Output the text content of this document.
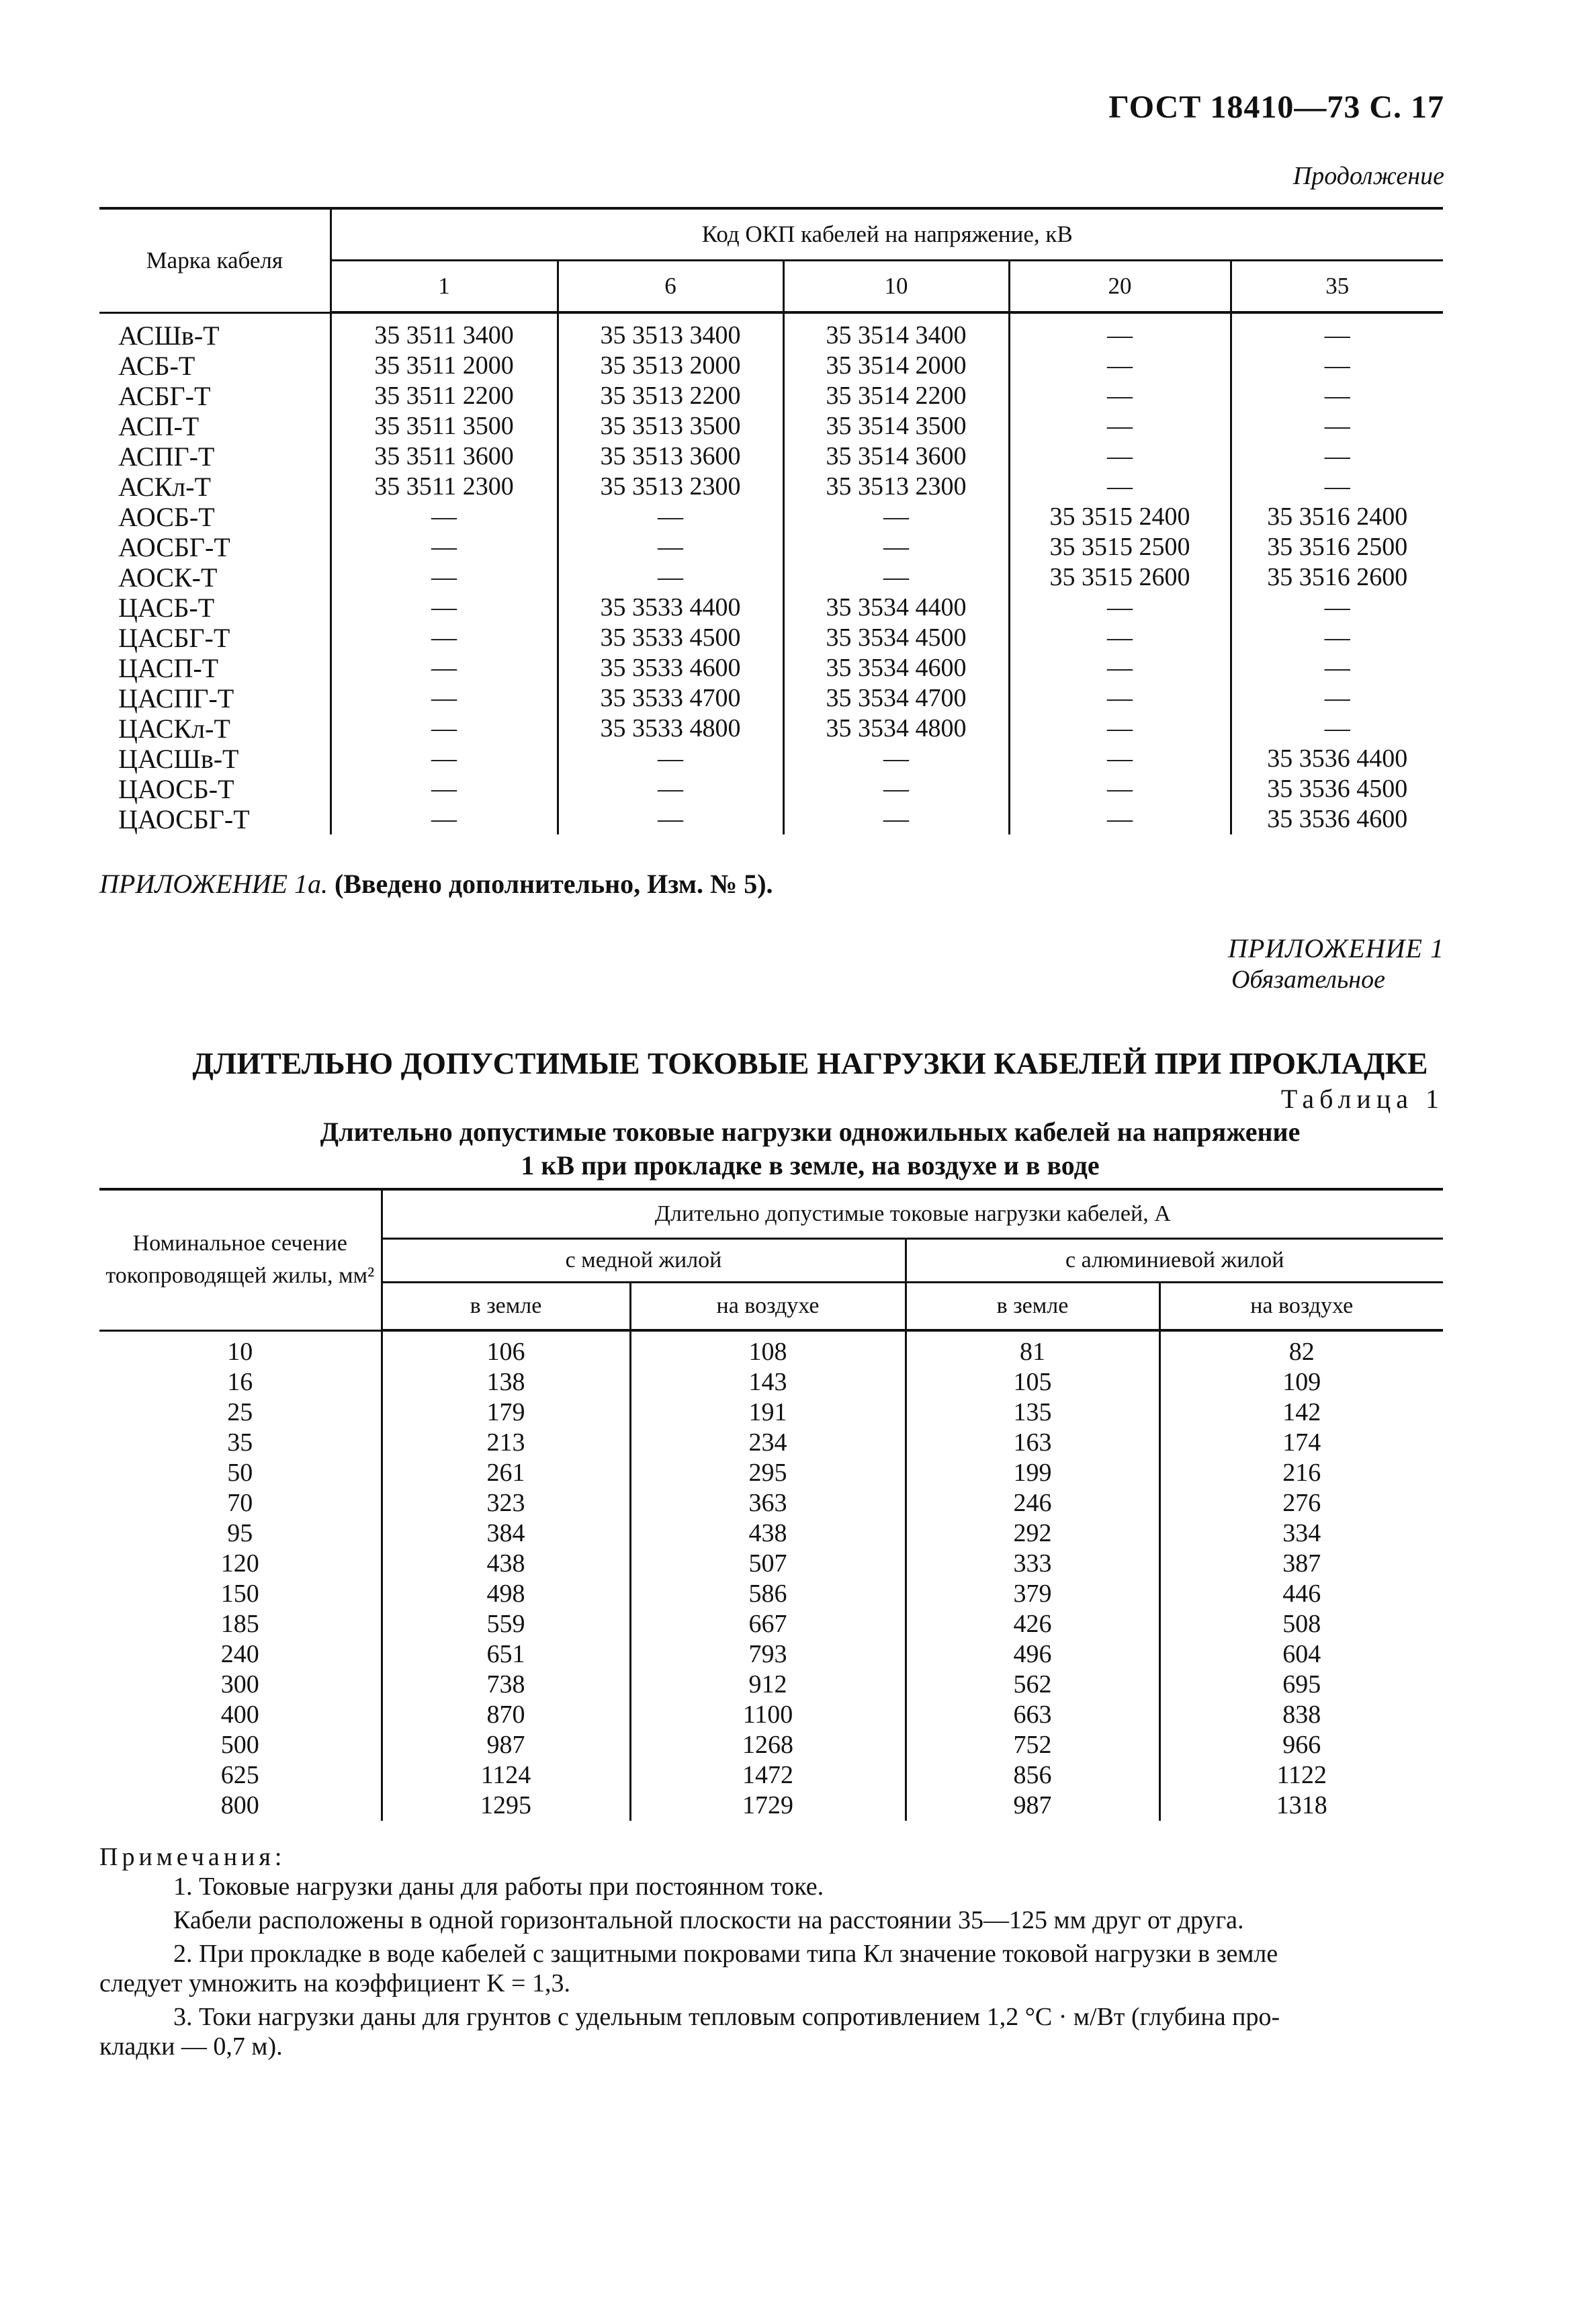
ГОСТ 18410—73 С. 17
Продолжение
Марка кабеля	Код ОКП кабелей на напряжение, кВ				
	1	6	10	20	35
АСШв-Т	35 3511 3400	35 3513 3400	35 3514 3400	—	—
АСБ-Т	35 3511 2000	35 3513 2000	35 3514 2000	—	—
АСБГ-Т	35 3511 2200	35 3513 2200	35 3514 2200	—	—
АСП-Т	35 3511 3500	35 3513 3500	35 3514 3500	—	—
АСПГ-Т	35 3511 3600	35 3513 3600	35 3514 3600	—	—
АСКл-Т	35 3511 2300	35 3513 2300	35 3513 2300	—	—
АОСБ-Т	—	—	—	35 3515 2400	35 3516 2400
АОСБГ-Т	—	—	—	35 3515 2500	35 3516 2500
АОСК-Т	—	—	—	35 3515 2600	35 3516 2600
ЦАСБ-Т	—	35 3533 4400	35 3534 4400	—	—
ЦАСБГ-Т	—	35 3533 4500	35 3534 4500	—	—
ЦАСП-Т	—	35 3533 4600	35 3534 4600	—	—
ЦАСПГ-Т	—	35 3533 4700	35 3534 4700	—	—
ЦАСКл-Т	—	35 3533 4800	35 3534 4800	—	—
ЦАСШв-Т	—	—	—	—	35 3536 4400
ЦАОСБ-Т	—	—	—	—	35 3536 4500
ЦАОСБГ-Т	—	—	—	—	35 3536 4600
ПРИЛОЖЕНИЕ 1а. (Введено дополнительно, Изм. № 5).
ПРИЛОЖЕНИЕ 1
Обязательное
ДЛИТЕЛЬНО ДОПУСТИМЫЕ ТОКОВЫЕ НАГРУЗКИ КАБЕЛЕЙ ПРИ ПРОКЛАДКЕ
Таблица 1
Длительно допустимые токовые нагрузки одножильных кабелей на напряжение
1 кВ при прокладке в земле, на воздухе и в воде
Номинальное сечение токопроводящей жилы, мм²	Длительно допустимые токовые нагрузки кабелей, А			
	с медной жилой		с алюминиевой жилой	
	в земле	на воздухе	в земле	на воздухе
10	106	108	81	82
16	138	143	105	109
25	179	191	135	142
35	213	234	163	174
50	261	295	199	216
70	323	363	246	276
95	384	438	292	334
120	438	507	333	387
150	498	586	379	446
185	559	667	426	508
240	651	793	496	604
300	738	912	562	695
400	870	1100	663	838
500	987	1268	752	966
625	1124	1472	856	1122
800	1295	1729	987	1318

Примечания:

1. Токовые нагрузки даны для работы при постоянном токе.

Кабели расположены в одной горизонтальной плоскости на расстоянии 35—125 мм друг от друга.

2. При прокладке в воде кабелей с защитными покровами типа Кл значение токовой нагрузки в земле

следует умножить на коэффициент K = 1,3.

3. Токи нагрузки даны для грунтов с удельным тепловым сопротивлением 1,2 °С · м/Вт (глубина про-

кладки — 0,7 м).
